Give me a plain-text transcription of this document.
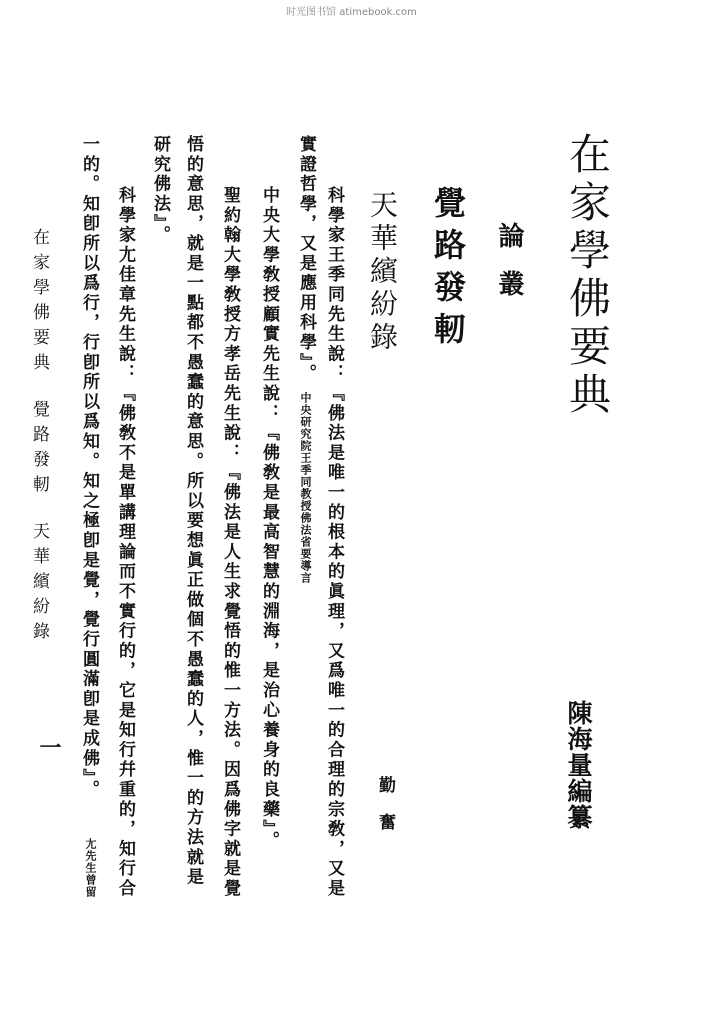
时光图书馆 atimebook.com
在家學佛要典
陳海量編纂
論叢
覺路發軔
勤奮
天華繽紛錄
科學家王季同先生說：『佛法是唯一的根本的眞理，又爲唯一的合理的宗敎，又是
實證哲學，又是應用科學』。
中央研究院王季同教授佛法省要導言
中央大學敎授顧實先生說：『佛敎是最高智慧的淵海，是治心養身的良藥』。
聖約翰大學敎授方孝岳先生說：『佛法是人生求覺悟的惟一方法。因爲佛字就是覺
悟的意思，就是一點都不愚蠢的意思。所以要想眞正做個不愚蠢的人，惟一的方法就是
研究佛法』。
科學家尢佳章先生說：『佛敎不是單講理論而不實行的，它是知行幷重的，知行合
一的。知卽所以爲行，行卽所以爲知。知之極卽是覺，覺行圓滿卽是成佛』。
尢先生曾留
在家學佛要典覺路發軔天華繽紛錄
一
